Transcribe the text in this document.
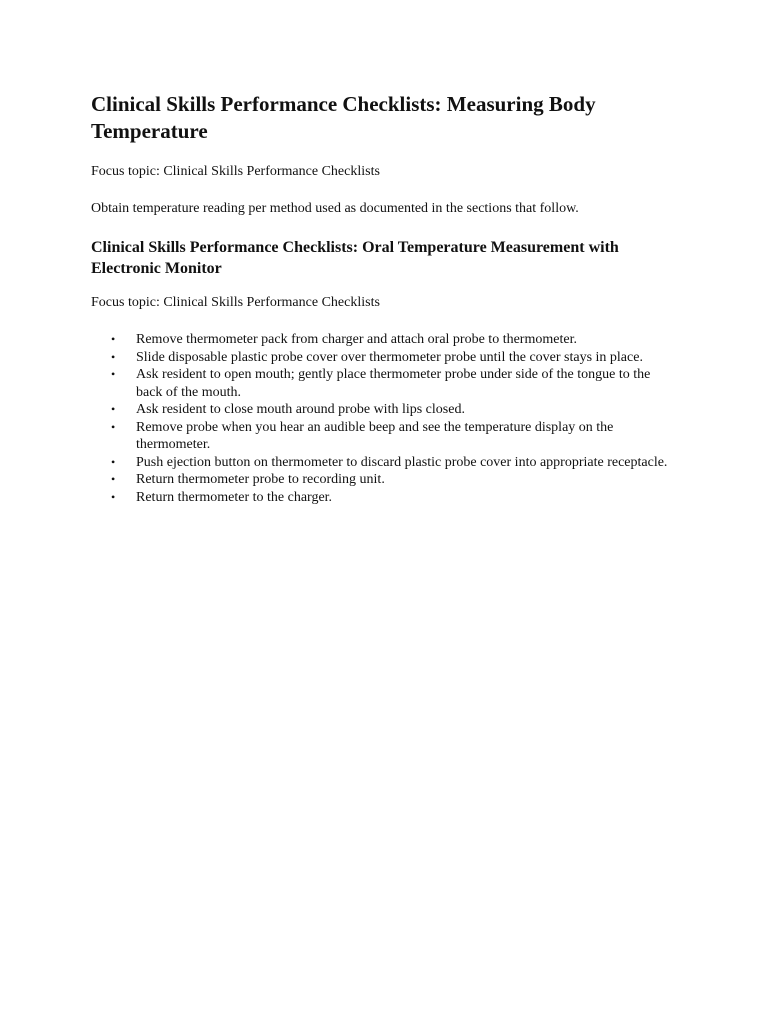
Clinical Skills Performance Checklists: Measuring Body Temperature

Focus topic: Clinical Skills Performance Checklists

Obtain temperature reading per method used as documented in the sections that follow.

Clinical Skills Performance Checklists: Oral Temperature Measurement with Electronic Monitor

Focus topic: Clinical Skills Performance Checklists

• Remove thermometer pack from charger and attach oral probe to thermometer.
• Slide disposable plastic probe cover over thermometer probe until the cover stays in place.
• Ask resident to open mouth; gently place thermometer probe under side of the tongue to the back of the mouth.
• Ask resident to close mouth around probe with lips closed.
• Remove probe when you hear an audible beep and see the temperature display on the thermometer.
• Push ejection button on thermometer to discard plastic probe cover into appropriate receptacle.
• Return thermometer probe to recording unit.
• Return thermometer to the charger.
